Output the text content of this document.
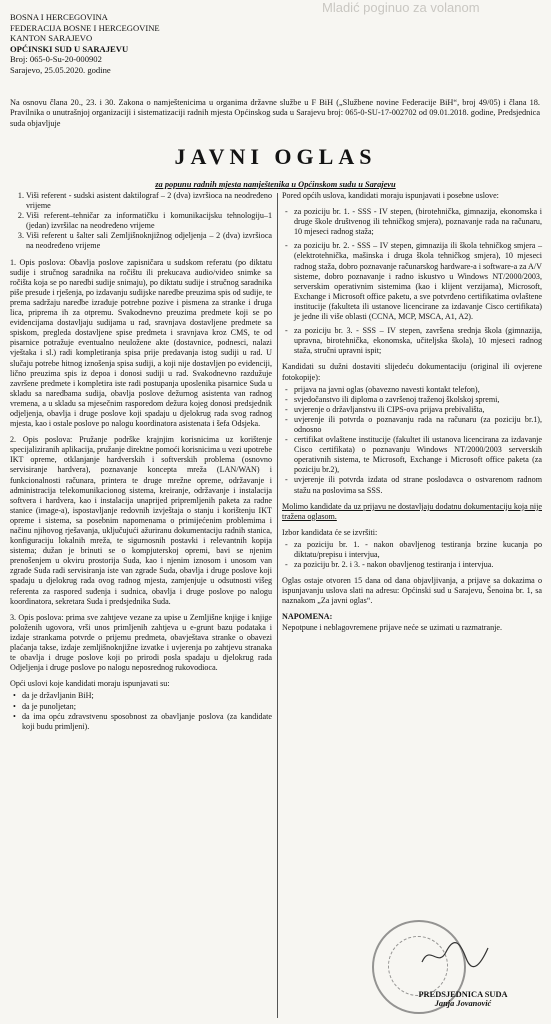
Mladić poginuo za volanom
BOSNA I HERCEGOVINA
FEDERACIJA BOSNE I HERCEGOVINE
KANTON SARAJEVO
OPĆINSKI SUD U SARAJEVU
Broj: 065-0-Su-20-000902
Sarajevo, 25.05.2020. godine
Na osnovu člana 20., 23. i 30. Zakona o namještenicima u organima državne službe u F BiH („Službene novine Federacije BiH“, broj 49/05) i člana 18. Pravilnika o unutrašnjoj organizaciji i sistematizaciji radnih mjesta Općinskog suda u Sarajevu broj: 065-0-SU-17-002702 od 09.01.2018. godine, Predsjednica suda objavljuje
JAVNI OGLAS
za popunu radnih mjesta namještenika u Općinskom sudu u Sarajevu
1. Viši referent - sudski asistent daktilograf – 2 (dva) izvršioca na neodređeno vrijeme
2. Viši referent–tehničar za informatičku i komunikacijsku tehnologiju–1 (jedan) izvršilac na neodređeno vrijeme
3. Viši referent u šalter sali Zemljišnoknjižnog odjeljenja – 2 (dva) izvršioca na neodređeno vrijeme

1. Opis poslova: Obavlja poslove zapisničara u sudskom referatu (po diktatu sudije i stručnog saradnika na ročištu ili prekucava audio/video snimke sa ročišta koja se po naredbi sudije snimaju), po diktatu sudije i stručnog saradnika piše presude i rješenja, po izdavanju sudijske naredbe preuzima spis od sudije, te prema sadržaju naredbe izrađuje potrebne pozive i pismena za stranke i druga lica, priprema ih za otpremu. Svakodnevno preuzima predmete koji se po evidencijama dostavljaju sudijama u rad, sravnjava dostavljene predmete sa spiskom, pregleda dostavljene spise predmeta i sravnjava kroz CMS, te od pisarnice potražuje eventualno neuložene akte (dostavnice, podnesci, nalazi vještaka i sl.) radi kompletiranja spisa prije predavanja istog sudiji u rad. U slučaju potrebe hitnog iznošenja spisa sudiji, a koji nije dostavljen po evidenciji, lično preuzima spis iz depoa i donosi sudiji u rad. Svakodnevno razdužuje završene predmete i kompletira iste radi postupanja uposlenika pisarnice Suda u skladu sa naredbama sudija, obavlja poslove dežurnog asistenta van radnog vremena, a u skladu sa mjesečnim rasporedom dežura kojeg donosi predsjednik odjeljenja, obavlja i druge poslove koji spadaju u djelokrug rada svog radnog mjesta, kao i ostale poslove po nalogu koordinatora asistenata i šefa Odsjeka.

2. Opis poslova: Pružanje podrške krajnjim korisnicima uz korištenje specijaliziranih aplikacija, pružanje direktne pomoći korisnicima u vezi upotrebe IKT opreme, otklanjanje hardverskih i softverskih problema (osnovno servisiranje hardvera), poznavanje koncepta mreža (LAN/WAN) i funkcionalnosti računara, printera te druge mrežne opreme, održavanje i administracija telekomunikacionog sistema, kreiranje, održavanje i instalacija softvera i hardvera, kao i instalacija unaprijed pripremljenih paketa za radne stanice (image-a), ispostavljanje redovnih izvještaja o stanju i korištenju IKT opreme i sistema, sa posebnim napomenama o primijećenim problemima i načinu njihovog rješavanja, uključujući ažuriranu dokumentaciju radnih stanica, konfiguraciju lokalnih mreža, te sigurnosnih postavki i relevantnih kopija sistema; dužan je brinuti se o kompjuterskoj opremi, bavi se njenim prenošenjem u okviru prostorija Suda, kao i njenim iznosom i unosom van zgrade Suda radi servisiranja iste van zgrade Suda, obavlja i druge poslove koji spadaju u djelokrug rada ovog radnog mjesta, zamjenjuje u odsutnosti višeg referenta za raspored suđenja i sudnica, obavlja i druge poslove po nalogu koordinatora, sekretara Suda i predsjednika Suda.

3. Opis poslova: prima sve zahtjeve vezane za upise u Zemljišne knjige i knjige položenih ugovora, vrši unos primljenih zahtjeva u e-grunt bazu podataka i izdaje strankama potvrde o prijemu predmeta, obavještava stranke o obavezi plaćanja takse, izdaje zemljišnoknjižne izvatke i uvjerenja po zahtjevu stranaka te obavlja i druge poslove koji po prirodi posla spadaju u djelokrug rada Odjeljenja i druge poslove po nalogu neposrednog rukovodioca.

Opći uslovi koje kandidati moraju ispunjavati su:

• da je državljanin BiH;
• da je punoljetan;
• da ima opću zdravstvenu sposobnost za obavljanje poslova (za kandidate koji budu primljeni).

Pored općih uslova, kandidati moraju ispunjavati i posebne uslove:

- za poziciju br. 1. - SSS - IV stepen, (birotehnička, gimnazija, ekonomska i druge škole društvenog ili tehničkog smjera), poznavanje rada na računaru, 10 mjeseci radnog staža;
- za poziciju br. 2. - SSS – IV stepen, gimnazija ili škola tehničkog smjera – (elektrotehnička, mašinska i druga škola tehničkog smjera), 10 mjeseci radnog staža, dobro poznavanje računarskog hardware-a i software-a za A/V sisteme, dobro poznavanje i radno iskustvo u Windows NT/2000/2003, serverskim operativnim sistemima (kao i klijent verzijama), Microsoft, Exchange i Microsoft office paketu, a sve potvrđeno certifikatima ovlaštene institucije (fakulteta ili ustanove licencirane za izdavanje Cisco certifikata) je jedne ili više oblasti (CCNA, MCP, MSCA, A1, A2).
- za poziciju br. 3. - SSS – IV stepen, završena srednja škola (gimnazija, upravna, birotehnička, ekonomska, učiteljska škola), 10 mjeseci radnog staža, stručni upravni ispit;

Kandidati su dužni dostaviti slijedeću dokumentaciju (original ili ovjerene fotokopije):

- prijava na javni oglas (obavezno navesti kontakt telefon),
- svjedočanstvo ili diploma o završenoj traženoj školskoj spremi,
- uvjerenje o državljanstvu ili CIPS-ova prijava prebivališta,
- uvjerenje ili potvrda o poznavanju rada na računaru (za poziciju br.1), odnosno
- certifikat ovlaštene institucije (fakultet ili ustanova licencirana za izdavanje Cisco certifikata) o poznavanju Windows NT/2000/2003 serverskih operativnih sistema, te Microsoft, Exchange i Microsoft office paketa (za poziciju br.2),
- uvjerenje ili potvrda izdata od strane poslodavca o ostvarenom radnom stažu na poslovima sa SSS.

Molimo kandidate da uz prijavu ne dostavljaju dodatnu dokumentaciju koja nije tražena oglasom.

Izbor kandidata će se izvršiti:

- za poziciju br. 1. - nakon obavljenog testiranja brzine kucanja po diktatu/prepisu i intervjua,
- za poziciju br. 2. i 3. - nakon obavljenog testiranja i intervjua.

Oglas ostaje otvoren 15 dana od dana objavljivanja, a prijave sa dokazima o ispunjavanju uslova slati na adresu: Općinski sud u Sarajevu, Šenoina br. 1, sa naznakom „Za javni oglas“.

NAPOMENA:

Nepotpune i neblagovremene prijave neće se uzimati u razmatranje.

PREDSJEDNICA SUDA
Janja Jovanović
